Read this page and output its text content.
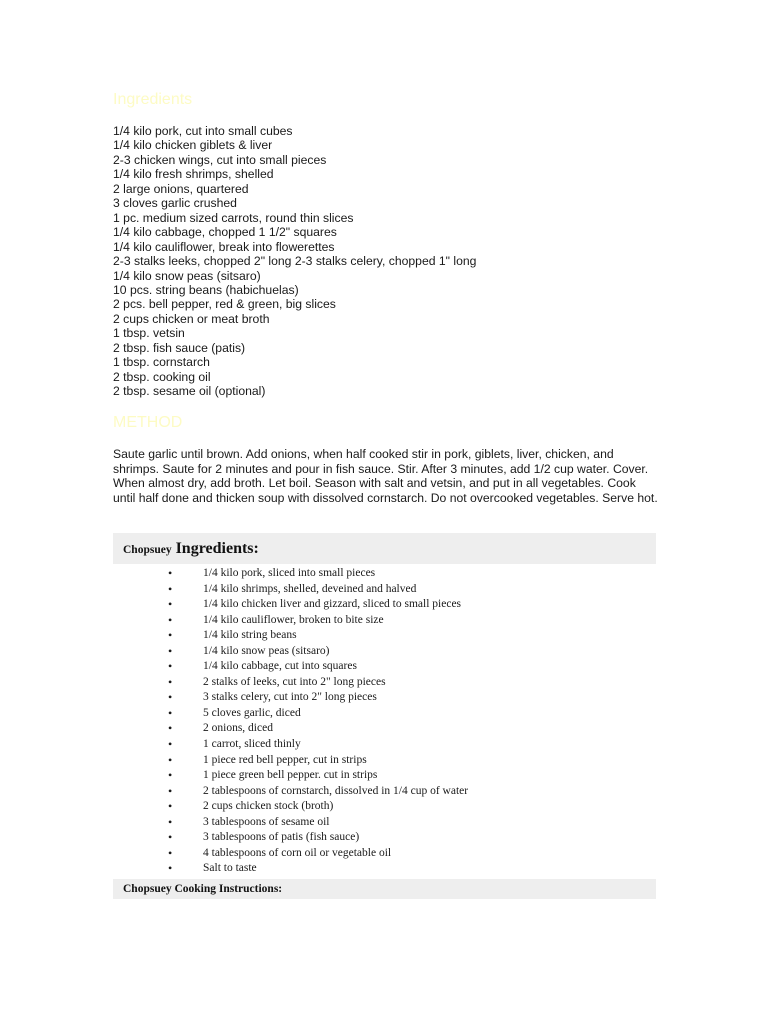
Ingredients
1/4 kilo pork, cut into small cubes
1/4 kilo chicken giblets & liver
2-3 chicken wings, cut into small pieces
1/4 kilo fresh shrimps, shelled
2 large onions, quartered
3 cloves garlic crushed
1 pc. medium sized carrots, round thin slices
1/4 kilo cabbage, chopped 1 1/2" squares
1/4 kilo cauliflower, break into flowerettes
2-3 stalks leeks, chopped 2" long 2-3 stalks celery, chopped 1" long
1/4 kilo snow peas (sitsaro)
10 pcs. string beans (habichuelas)
2 pcs. bell pepper, red & green, big slices
2 cups chicken or meat broth
1 tbsp. vetsin
2 tbsp. fish sauce (patis)
1 tbsp. cornstarch
2 tbsp. cooking oil
2 tbsp. sesame oil (optional)
METHOD

Saute garlic until brown. Add onions, when half cooked stir in pork, giblets, liver, chicken, and shrimps. Saute for 2 minutes and pour in fish sauce. Stir. After 3 minutes, add 1/2 cup water. Cover. When almost dry, add broth. Let boil. Season with salt and vetsin, and put in all vegetables. Cook until half done and thicken soup with dissolved cornstarch. Do not overcooked vegetables. Serve hot.

Chopsuey Ingredients:
•	1/4 kilo pork, sliced into small pieces
•	1/4 kilo shrimps, shelled, deveined and halved
•	1/4 kilo chicken liver and gizzard, sliced to small pieces
•	1/4 kilo cauliflower, broken to bite size
•	1/4 kilo string beans
•	1/4 kilo snow peas (sitsaro)
•	1/4 kilo cabbage, cut into squares
•	2 stalks of leeks, cut into 2" long pieces
•	3 stalks celery, cut into 2" long pieces
•	5 cloves garlic, diced
•	2 onions, diced
•	1 carrot, sliced thinly
•	1 piece red bell pepper, cut in strips
•	1 piece green bell pepper. cut in strips
•	2 tablespoons of cornstarch, dissolved in 1/4 cup of water
•	2 cups chicken stock (broth)
•	3 tablespoons of sesame oil
•	3 tablespoons of patis (fish sauce)
•	4 tablespoons of corn oil or vegetable oil
•	Salt to taste
Chopsuey Cooking Instructions:
